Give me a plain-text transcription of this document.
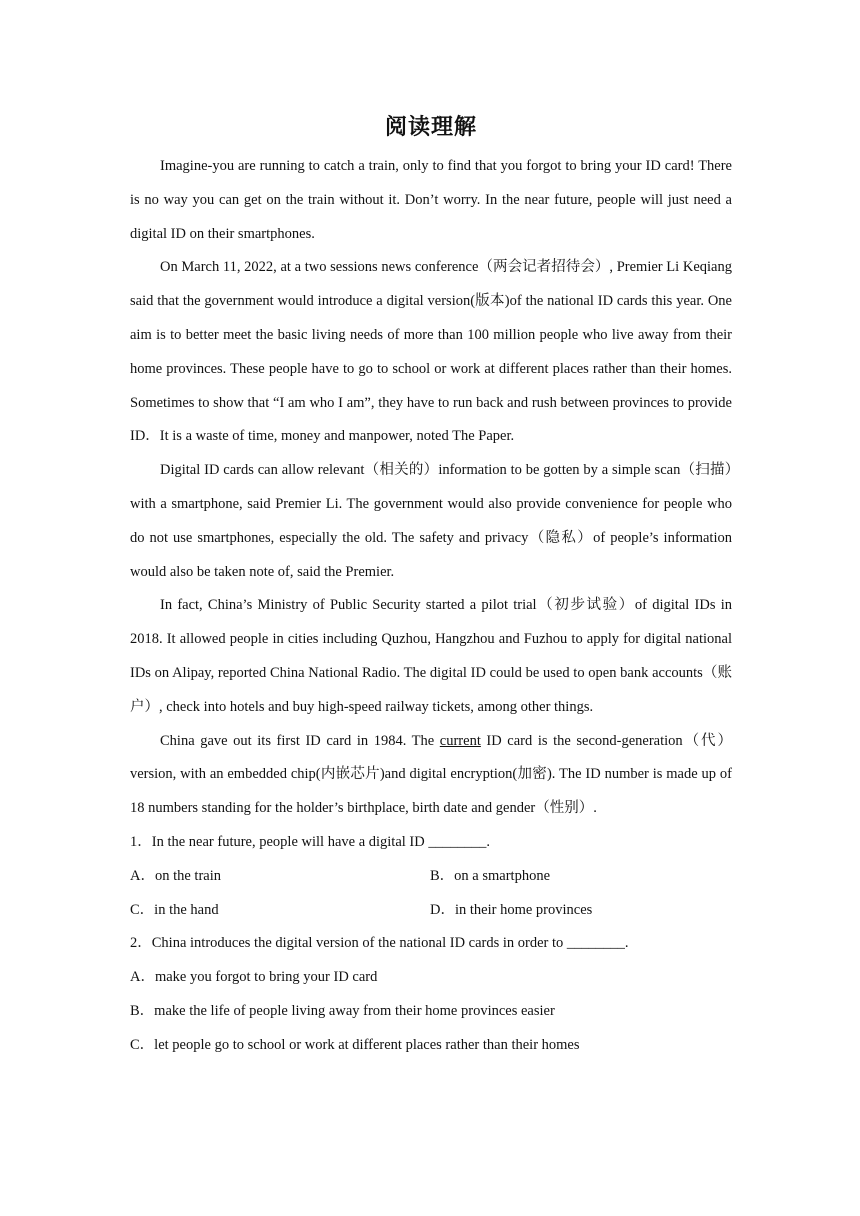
阅读理解

Imagine-you are running to catch a train, only to find that you forgot to bring your ID card! There is no way you can get on the train without it. Don’t worry. In the near future, people will just need a digital ID on their smartphones.

On March 11, 2022, at a two sessions news conference（两会记者招待会）, Premier Li Keqiang said that the government would introduce a digital version(版本)of the national ID cards this year. One aim is to better meet the basic living needs of more than 100 million people who live away from their home provinces. These people have to go to school or work at different places rather than their homes. Sometimes to show that “I am who I am”, they have to run back and rush between provinces to provide ID．It is a waste of time, money and manpower, noted The Paper.

Digital ID cards can allow relevant（相关的）information to be gotten by a simple scan（扫描）with a smartphone, said Premier Li. The government would also provide convenience for people who do not use smartphones, especially the old. The safety and privacy（隐私）of people’s information would also be taken note of, said the Premier.

In fact, China’s Ministry of Public Security started a pilot trial（初步试验）of digital IDs in 2018. It allowed people in cities including Quzhou, Hangzhou and Fuzhou to apply for digital national IDs on Alipay, reported China National Radio. The digital ID could be used to open bank accounts（账户）, check into hotels and buy high-speed railway tickets, among other things.

China gave out its first ID card in 1984. The current ID card is the second-generation（代）version, with an embedded chip(内嵌芯片)and digital encryption(加密). The ID number is made up of 18 numbers standing for the holder’s birthplace, birth date and gender（性别）.

1．In the near future, people will have a digital ID ________.

A．on the train	B．on a smartphone
C．in the hand	D．in their home provinces

2．China introduces the digital version of the national ID cards in order to ________.

A．make you forgot to bring your ID card
B．make the life of people living away from their home provinces easier
C．let people go to school or work at different places rather than their homes
